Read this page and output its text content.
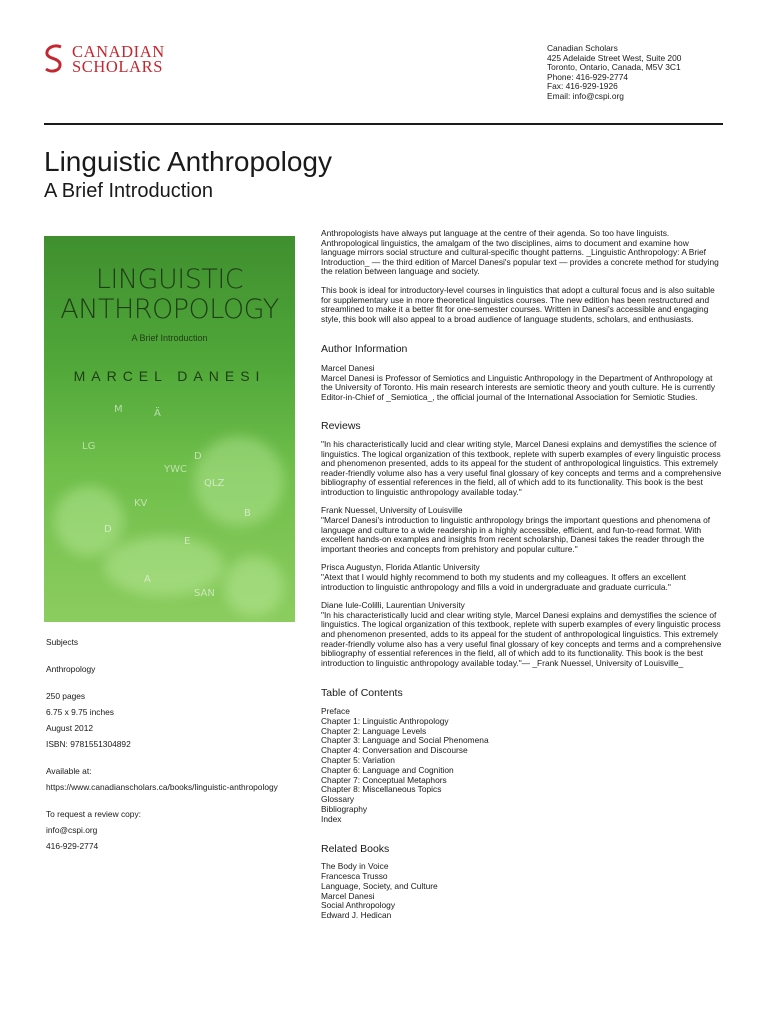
CANADIAN
SCHOLARS
Canadian Scholars
425 Adelaide Street West, Suite 200
Toronto, Ontario, Canada, M5V 3C1
Phone: 416-929-2774
Fax: 416-929-1926
Email: info@cspi.org
Linguistic Anthropology
A Brief Introduction
M	Ä
LG
D
YWC
QLZ
KV
D
B
E
A
SAN
LINGUISTIC
ANTHROPOLOGY
A Brief Introduction
MARCEL DANESI
Subjects
Anthropology
250 pages
6.75 x 9.75 inches
August 2012
ISBN: 9781551304892
Available at:
https://www.canadianscholars.ca/books/linguistic-anthropology
To request a review copy:
info@cspi.org
416-929-2774

Anthropologists have always put language at the centre of their agenda. So too have linguists. Anthropological linguistics, the amalgam of the two disciplines, aims to document and examine how language mirrors social structure and cultural-specific thought patterns. _Linguistic Anthropology: A Brief Introduction_ — the third edition of Marcel Danesi's popular text — provides a concrete method for studying the relation between language and society.

This book is ideal for introductory-level courses in linguistics that adopt a cultural focus and is also suitable for supplementary use in more theoretical linguistics courses. The new edition has been restructured and streamlined to make it a better fit for one-semester courses. Written in Danesi's accessible and engaging style, this book will also appeal to a broad audience of language students, scholars, and enthusiasts.

Author Information

Marcel Danesi

Marcel Danesi is Professor of Semiotics and Linguistic Anthropology in the Department of Anthropology at the University of Toronto. His main research interests are semiotic theory and youth culture. He is currently Editor-in-Chief of _Semiotica_, the official journal of the International Association for Semiotic Studies.

Reviews

"In his characteristically lucid and clear writing style, Marcel Danesi explains and demystifies the science of linguistics. The logical organization of this textbook, replete with superb examples of every linguistic process and phenomenon presented, adds to its appeal for the student of anthropological linguistics. This extremely reader-friendly volume also has a very useful final glossary of key concepts and terms and a comprehensive bibliography of essential references in the field, all of which add to its functionality. This book is the best introduction to linguistic anthropology available today."

Frank Nuessel, University of Louisville

"Marcel Danesi's introduction to linguistic anthropology brings the important questions and phenomena of language and culture to a wide readership in a highly accessible, efficient, and fun-to-read format. With excellent hands-on examples and insights from recent scholarship, Danesi takes the reader through the important theories and concepts from prehistory and popular culture."

Prisca Augustyn, Florida Atlantic University

"Atext that I would highly recommend to both my students and my colleagues. It offers an excellent introduction to linguistic anthropology and fills a void in undergraduate and graduate curricula."

Diane Iule-Colilli, Laurentian University

"In his characteristically lucid and clear writing style, Marcel Danesi explains and demystifies the science of linguistics. The logical organization of this textbook, replete with superb examples of every linguistic process and phenomenon presented, adds to its appeal for the student of anthropological linguistics. This extremely reader-friendly volume also has a very useful final glossary of key concepts and terms and a comprehensive bibliography of essential references in the field, all of which add to its functionality. This book is the best introduction to linguistic anthropology available today."— _Frank Nuessel, University of Louisville_

Table of Contents
Preface
Chapter 1: Linguistic Anthropology
Chapter 2: Language Levels
Chapter 3: Language and Social Phenomena
Chapter 4: Conversation and Discourse
Chapter 5: Variation
Chapter 6: Language and Cognition
Chapter 7: Conceptual Metaphors
Chapter 8: Miscellaneous Topics
Glossary
Bibliography
Index
Related Books
The Body in Voice
Francesca Trusso
Language, Society, and Culture
Marcel Danesi
Social Anthropology
Edward J. Hedican
